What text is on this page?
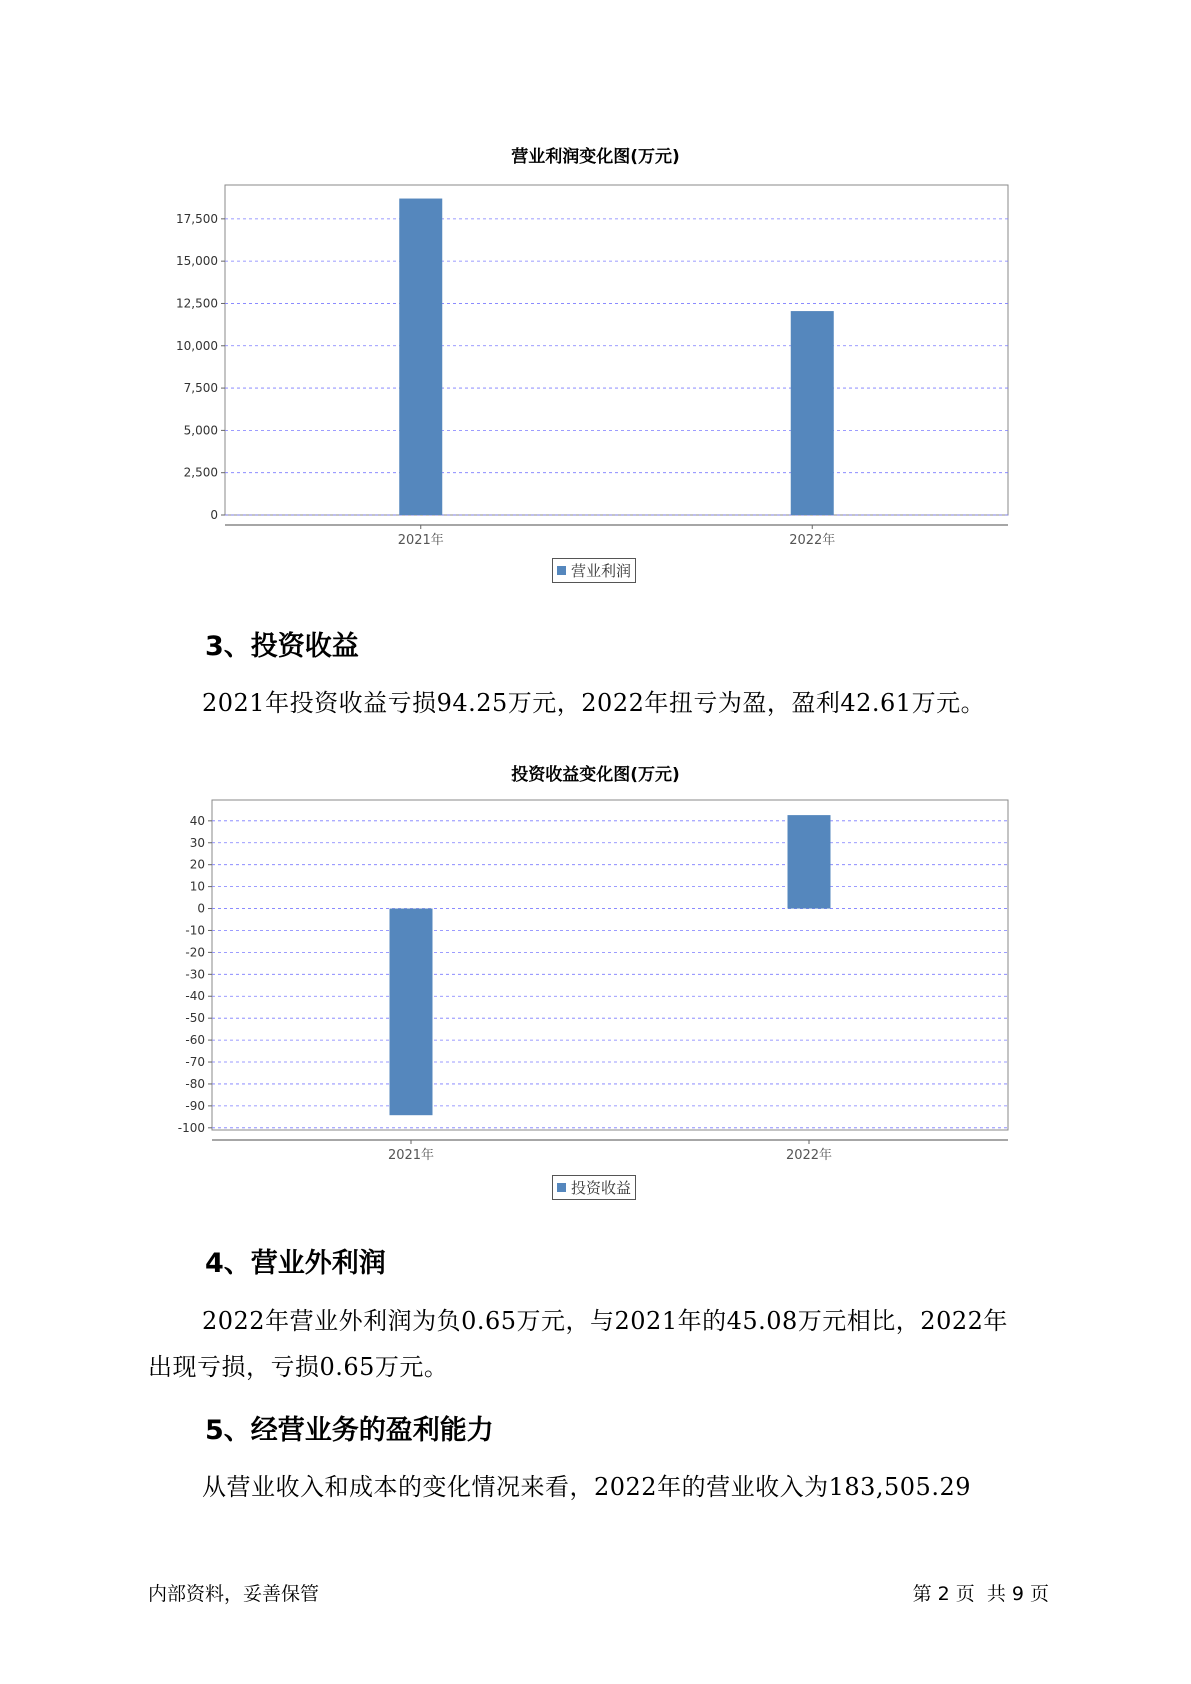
营业利润变化图(万元)
0
2,500
5,000
7,500
10,000
12,500
15,000
17,500
2021年	2022年
营业利润
3、投资收益
2021年投资收益亏损94.25万元，2022年扭亏为盈，盈利42.61万元。
投资收益变化图(万元)
40
30
20
10
0
-10
-20
-30
-40
-50
-60
-70
-80
-90
-100
2021年	2022年
投资收益
4、营业外利润
2022年营业外利润为负0.65万元，与2021年的45.08万元相比，2022年
出现亏损，亏损0.65万元。
5、经营业务的盈利能力
从营业收入和成本的变化情况来看，2022年的营业收入为183,505.29
内部资料，妥善保管	第 2 页  共 9 页
